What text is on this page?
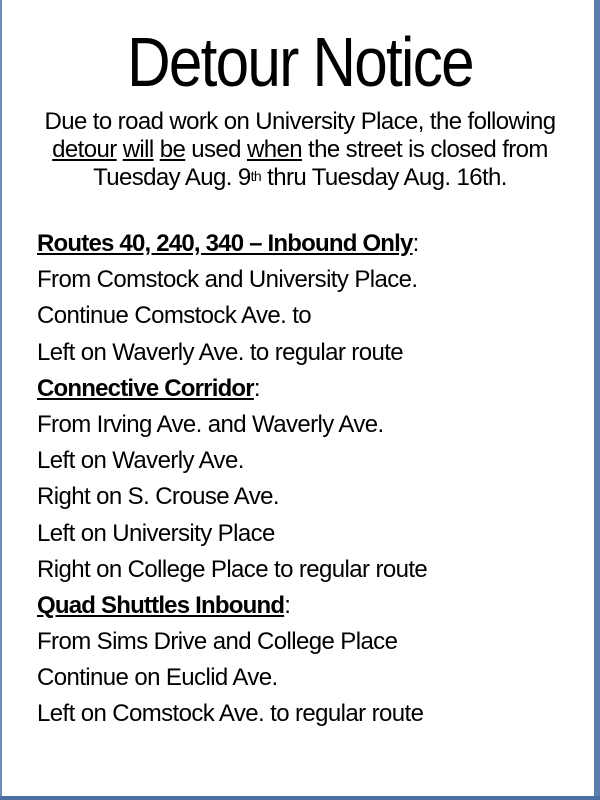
Detour Notice
Due to road work on University Place, the following detour will be used when the street is closed from Tuesday Aug. 9th thru Tuesday Aug. 16th.
Routes 40, 240, 340 – Inbound Only:
From Comstock and University Place.
Continue Comstock Ave. to
Left on Waverly Ave. to regular route
Connective Corridor:
From Irving Ave. and Waverly Ave.
Left on Waverly Ave.
Right on S. Crouse Ave.
Left on University Place
Right on College Place to regular route
Quad Shuttles Inbound:
From Sims Drive and College Place
Continue on Euclid Ave.
Left on Comstock Ave. to regular route
